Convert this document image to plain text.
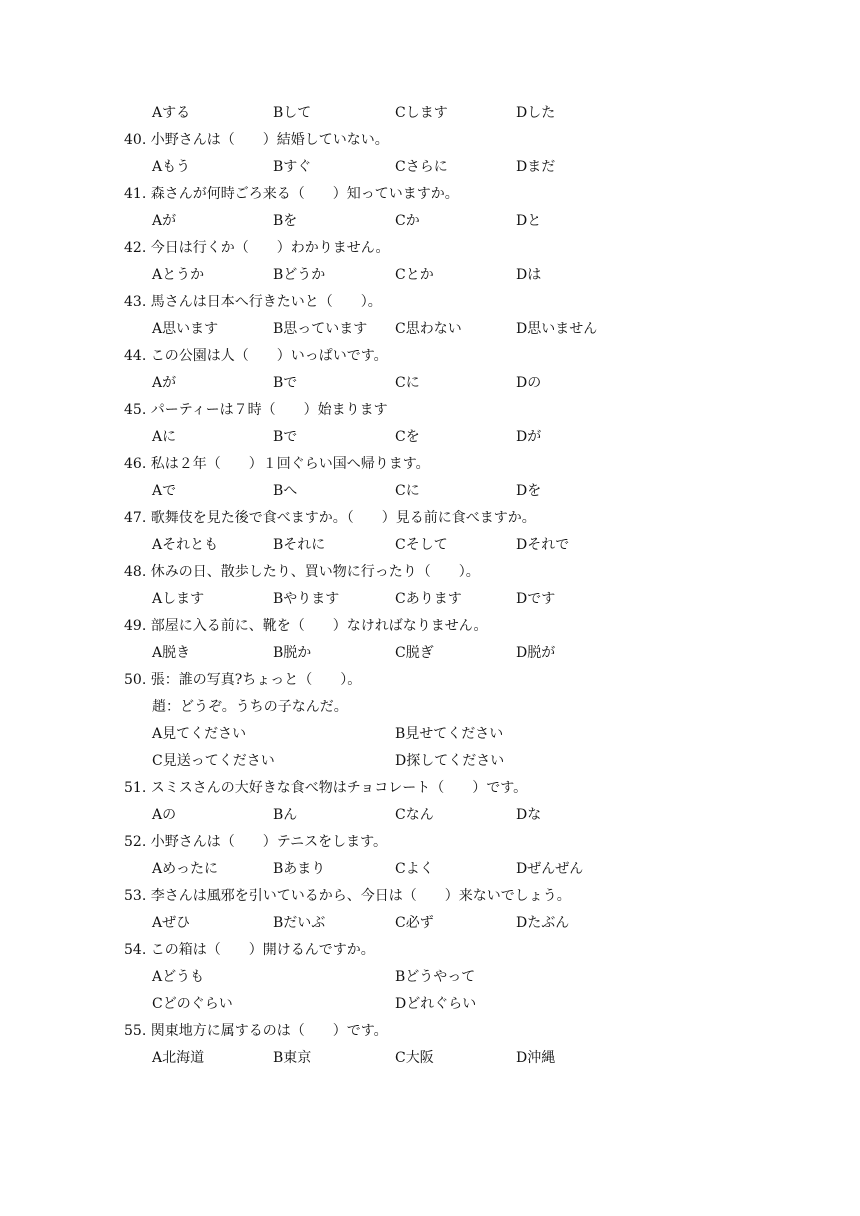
Aする	Bして	Cします	Dした
40. 小野さんは（　　）結婚していない。
Aもう	Bすぐ	Cさらに	Dまだ
41. 森さんが何時ごろ来る（　　）知っていますか。
Aが	Bを	Cか	Dと
42. 今日は行くか（　　）わかりません。
Aとうか	Bどうか	Cとか	Dは
43. 馬さんは日本へ行きたいと（　　）。
A思います	B思っています C思わない	D思いません
44. この公園は人（　　）いっぱいです。
Aが	Bで	Cに	Dの
45. パーティーは７時（　　）始まります
Aに	Bで	Cを	Dが
46. 私は２年（　　）１回ぐらい国へ帰ります。
Aで	Bへ	Cに	Dを
47. 歌舞伎を見た後で食べますか。（　　）見る前に食べますか。
Aそれとも	Bそれに	Cそして	Dそれで
48. 休みの日、散歩したり、買い物に行ったり（　　）。
Aします	Bやります	Cあります	Dです
49. 部屋に入る前に、靴を（　　）なければなりません。
A脱き	B脱か	C脱ぎ	D脱が
50. 張：誰の写真?ちょっと（　　）。
趙：どうぞ。うちの子なんだ。
A見てください	B見せてください
C見送ってください	D探してください
51. スミスさんの大好きな食べ物はチョコレート（　　）です。
Aの	Bん	Cなん	Dな
52. 小野さんは（　　）テニスをします。
Aめったに	Bあまり	Cよく	Dぜんぜん
53. 李さんは風邪を引いているから、今日は（　　）来ないでしょう。
Aぜひ	Bだいぶ	C必ず	Dたぶん
54. この箱は（　　）開けるんですか。
Aどうも	Bどうやって
Cどのぐらい	Dどれぐらい
55. 関東地方に属するのは（　　）です。
A北海道	B東京	C大阪	D沖縄
